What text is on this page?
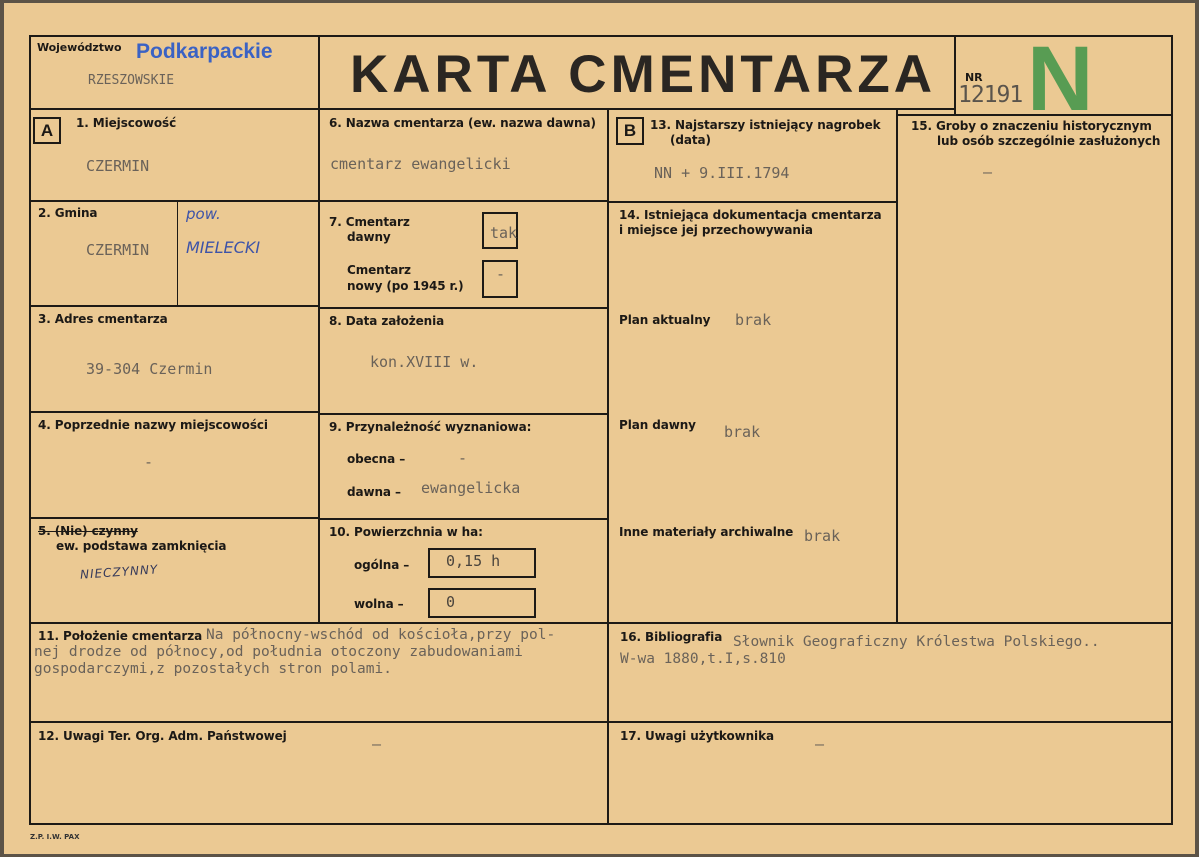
Województwo Podkarpackie
RZESZOWSKIE	KARTA CMENTARZA	NR
12191 N
A	1. Miejscowość
CZERMIN
2. Gmina
CZERMIN
pow.
MIELECKI
3. Adres cmentarza
39-304 Czermin
4. Poprzednie nazwy miejscowości
-
5. (Nie) czynny
ew. podstawa zamknięcia
NIECZYNNY
6. Nazwa cmentarza (ew. nazwa dawna)
cmentarz ewangelicki
7. Cmentarz
dawny	tak
Cmentarz
nowy (po 1945 r.)
-
8. Data założenia
kon.XVIII w.
9. Przynależność wyznaniowa:
obecna –	-
dawna – ewangelicka
10. Powierzchnia w ha:
ogólna – 0,15 h
wolna –	0
B	13. Najstarszy istniejący nagrobek
(data)
NN + 9.III.1794
14. Istniejąca dokumentacja cmentarza
i miejsce jej przechowywania
Plan aktualny brak
Plan dawny brak
Inne materiały archiwalne brak
15. Groby o znaczeniu historycznym
lub osób szczególnie zasłużonych
—
11. Położenie cmentarza Na północny-wschód od kościoła,przy pol-
nej drodze od północy,od południa otoczony zabudowaniami
gospodarczymi,z pozostałych stron polami.
16. Bibliografia Słownik Geograficzny Królestwa Polskiego..
W-wa 1880,t.I,s.810
12. Uwagi Ter. Org. Adm. Państwowej	—	17. Uwagi użytkownika	—
Z.P. I.W. PAX
